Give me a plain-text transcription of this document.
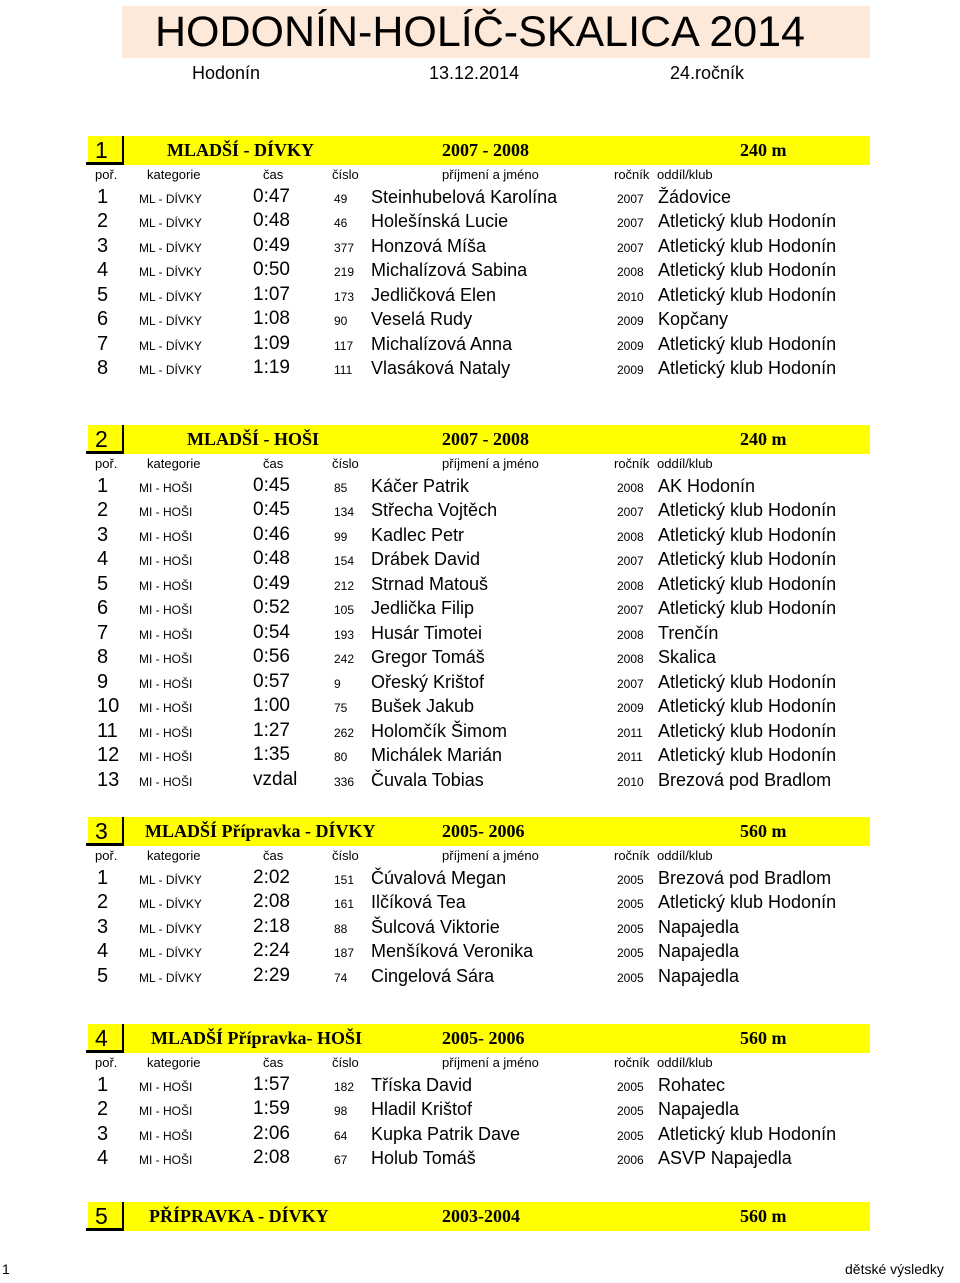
HODONÍN-HOLÍČ-SKALICA 2014
Hodonín	13.12.2014	24.ročník
1	MLADŠÍ - DÍVKY	2007 - 2008	240 m
poř. kategorie	čas	číslo	příjmení a jméno	ročník oddíl/klub
1	ML - DÍVKY	0:47	49 Steinhubelová Karolína	2007 Žádovice
2	ML - DÍVKY	0:48	46 Holešínská Lucie	2007 Atletický klub Hodonín
3	ML - DÍVKY	0:49	377 Honzová Míša	2007 Atletický klub Hodonín
4	ML - DÍVKY	0:50	219 Michalízová Sabina	2008 Atletický klub Hodonín
5	ML - DÍVKY	1:07	173 Jedličková Elen	2010 Atletický klub Hodonín
6	ML - DÍVKY	1:08	90 Veselá Rudy	2009 Kopčany
7	ML - DÍVKY	1:09	117 Michalízová Anna	2009 Atletický klub Hodonín
8	ML - DÍVKY	1:19	111 Vlasáková Nataly	2009 Atletický klub Hodonín
2	MLADŠÍ - HOŠI	2007 - 2008	240 m
poř. kategorie	čas	číslo	příjmení a jméno	ročník oddíl/klub
1	MI - HOŠI	0:45	85 Káčer Patrik	2008 AK Hodonín
2	MI - HOŠI	0:45	134 Střecha Vojtěch	2007 Atletický klub Hodonín
3	MI - HOŠI	0:46	99 Kadlec Petr	2008 Atletický klub Hodonín
4	MI - HOŠI	0:48	154 Drábek David	2007 Atletický klub Hodonín
5	MI - HOŠI	0:49	212 Strnad Matouš	2008 Atletický klub Hodonín
6	MI - HOŠI	0:52	105 Jedlička Filip	2007 Atletický klub Hodonín
7	MI - HOŠI	0:54	193 Husár Timotei	2008 Trenčín
8	MI - HOŠI	0:56	242 Gregor Tomáš	2008 Skalica
9	MI - HOŠI	0:57	9 Ořeský Krištof	2007 Atletický klub Hodonín
10 MI - HOŠI	1:00	75 Bušek Jakub	2009 Atletický klub Hodonín
11 MI - HOŠI	1:27	262 Holomčík Šimom	2011 Atletický klub Hodonín
12 MI - HOŠI	1:35	80 Michálek Marián	2011 Atletický klub Hodonín
13 MI - HOŠI	vzdal	336 Čuvala Tobias	2010 Brezová pod Bradlom
3 MLADŠÍ Přípravka - DÍVKY	2005- 2006	560 m
poř. kategorie	čas	číslo	příjmení a jméno	ročník oddíl/klub
1	ML - DÍVKY	2:02	151 Čúvalová Megan	2005 Brezová pod Bradlom
2	ML - DÍVKY	2:08	161 Ilčíková Tea	2005 Atletický klub Hodonín
3	ML - DÍVKY	2:18	88 Šulcová Viktorie	2005 Napajedla
4	ML - DÍVKY	2:24	187 Menšíková Veronika	2005 Napajedla
5	ML - DÍVKY	2:29	74 Cingelová Sára	2005 Napajedla
4 MLADŠÍ Přípravka- HOŠI	2005- 2006	560 m
poř. kategorie	čas	číslo	příjmení a jméno	ročník oddíl/klub
1	MI - HOŠI	1:57	182 Tříska David	2005 Rohatec
2	MI - HOŠI	1:59	98 Hladil Krištof	2005 Napajedla
3	MI - HOŠI	2:06	64 Kupka Patrik Dave	2005 Atletický klub Hodonín
4	MI - HOŠI	2:08	67 Holub Tomáš	2006 ASVP Napajedla
5 PŘÍPRAVKA - DÍVKY	2003-2004	560 m
1	dětské výsledky
